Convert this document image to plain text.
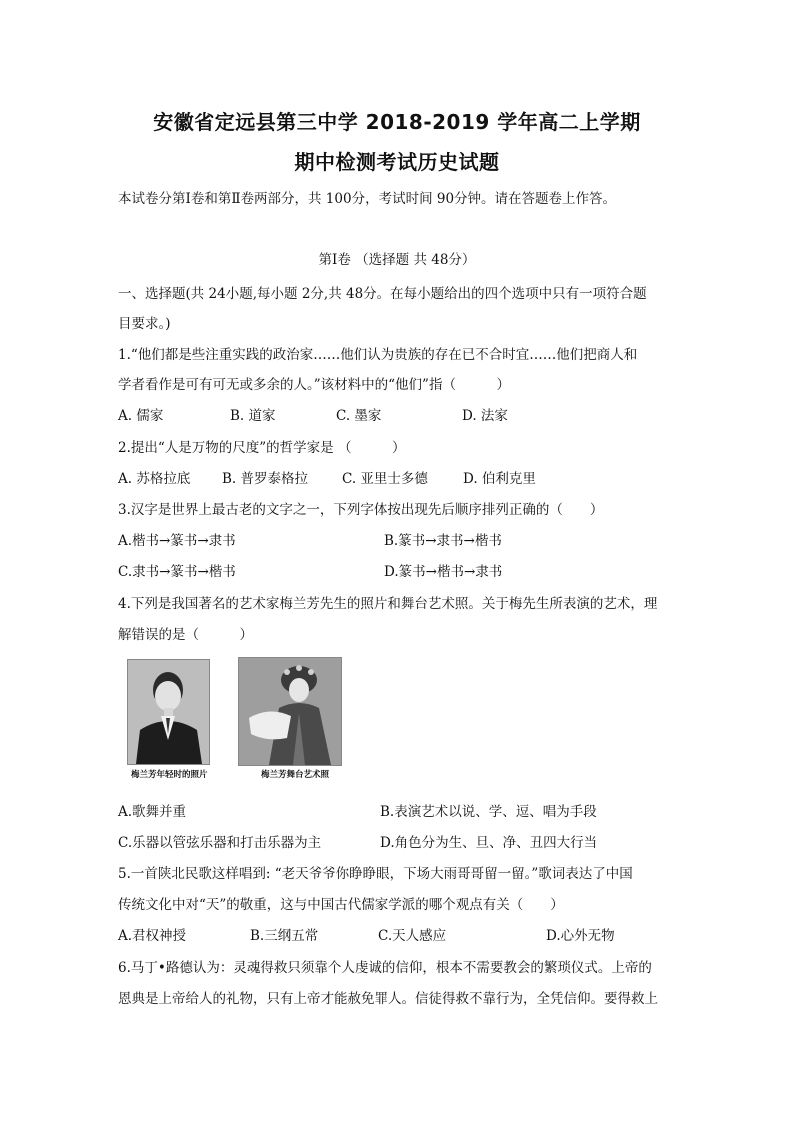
安徽省定远县第三中学 2018-2019 学年高二上学期
期中检测考试历史试题
本试卷分第Ⅰ卷和第Ⅱ卷两部分，共 100分，考试时间 90分钟。请在答题卷上作答。
第Ⅰ卷 （选择题 共 48分）
一、选择题(共 24小题,每小题 2分,共 48分。在每小题给出的四个选项中只有一项符合题
目要求。)
1.“他们都是些注重实践的政治家……他们认为贵族的存在已不合时宜……他们把商人和
学者看作是可有可无或多余的人。”该材料中的“他们”指（　　　）
A. 儒家	B. 道家	C. 墨家	D. 法家
2.提出“人是万物的尺度”的哲学家是 （　　　）
A. 苏格拉底 B. 普罗泰格拉	C. 亚里士多德	D. 伯利克里
3.汉字是世界上最古老的文字之一，下列字体按出现先后顺序排列正确的（　　）
A.楷书→篆书→隶书	B.篆书→隶书→楷书
C.隶书→篆书→楷书	D.篆书→楷书→隶书
4.下列是我国著名的艺术家梅兰芳先生的照片和舞台艺术照。关于梅先生所表演的艺术，理
解错误的是（　　　）
梅兰芳年轻时的照片	梅兰芳舞台艺术照
A.歌舞并重	B.表演艺术以说、学、逗、唱为手段
C.乐器以管弦乐器和打击乐器为主	D.角色分为生、旦、净、丑四大行当
5.一首陕北民歌这样唱到: “老天爷爷你睁睁眼，下场大雨哥哥留一留。”歌词表达了中国
传统文化中对“天”的敬重，这与中国古代儒家学派的哪个观点有关（　　）
A.君权神授	B.三纲五常	C.天人感应	D.心外无物
6.马丁•路德认为：灵魂得救只须靠个人虔诚的信仰，根本不需要教会的繁琐仪式。上帝的
恩典是上帝给人的礼物，只有上帝才能赦免罪人。信徒得救不靠行为，全凭信仰。要得救上
